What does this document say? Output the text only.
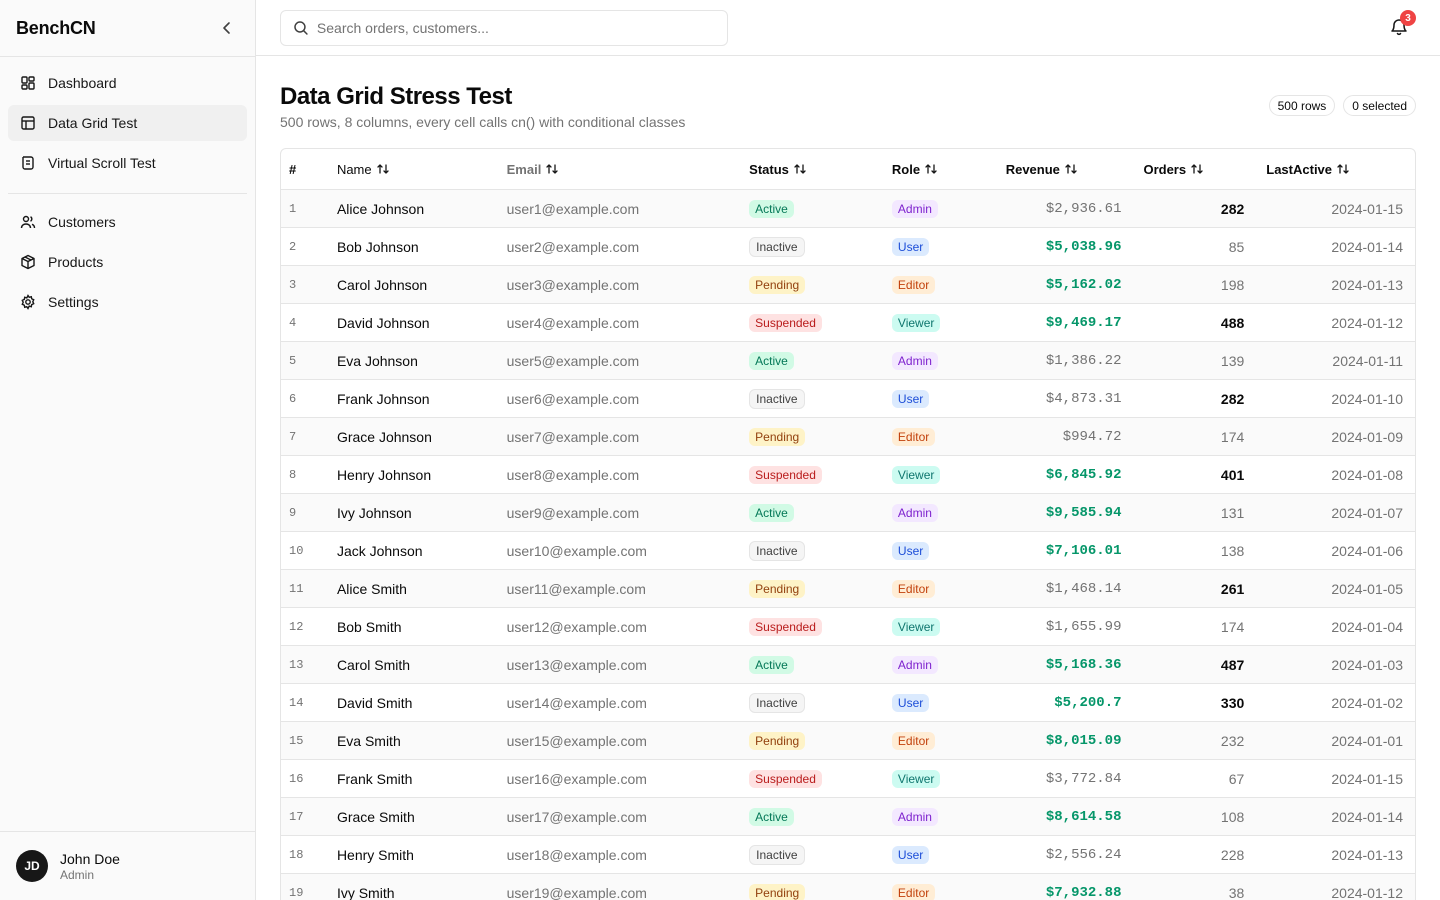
BenchCN
Dashboard
Data Grid Test
Virtual Scroll Test
Customers
Products
Settings
JD	John Doe
Admin
Search orders, customers...
3
Data Grid Stress Test

500 rows, 8 columns, every cell calls cn() with conditional classes

500 rows	0 selected
#	Name	Email	Status	Role	Revenue	Orders	LastActive
1	Alice Johnson	user1@example.com	Active	Admin	$2,936.61	282	2024-01-15
2	Bob Johnson	user2@example.com	Inactive	User	$5,038.96	85	2024-01-14
3	Carol Johnson	user3@example.com	Pending	Editor	$5,162.02	198	2024-01-13
4	David Johnson	user4@example.com	Suspended	Viewer	$9,469.17	488	2024-01-12
5	Eva Johnson	user5@example.com	Active	Admin	$1,386.22	139	2024-01-11
6	Frank Johnson	user6@example.com	Inactive	User	$4,873.31	282	2024-01-10
7	Grace Johnson	user7@example.com	Pending	Editor	$994.72	174	2024-01-09
8	Henry Johnson	user8@example.com	Suspended	Viewer	$6,845.92	401	2024-01-08
9	Ivy Johnson	user9@example.com	Active	Admin	$9,585.94	131	2024-01-07
10	Jack Johnson	user10@example.com	Inactive	User	$7,106.01	138	2024-01-06
11	Alice Smith	user11@example.com	Pending	Editor	$1,468.14	261	2024-01-05
12	Bob Smith	user12@example.com	Suspended	Viewer	$1,655.99	174	2024-01-04
13	Carol Smith	user13@example.com	Active	Admin	$5,168.36	487	2024-01-03
14	David Smith	user14@example.com	Inactive	User	$5,200.7	330	2024-01-02
15	Eva Smith	user15@example.com	Pending	Editor	$8,015.09	232	2024-01-01
16	Frank Smith	user16@example.com	Suspended	Viewer	$3,772.84	67	2024-01-15
17	Grace Smith	user17@example.com	Active	Admin	$8,614.58	108	2024-01-14
18	Henry Smith	user18@example.com	Inactive	User	$2,556.24	228	2024-01-13
19	Ivy Smith	user19@example.com	Pending	Editor	$7,932.88	38	2024-01-12
